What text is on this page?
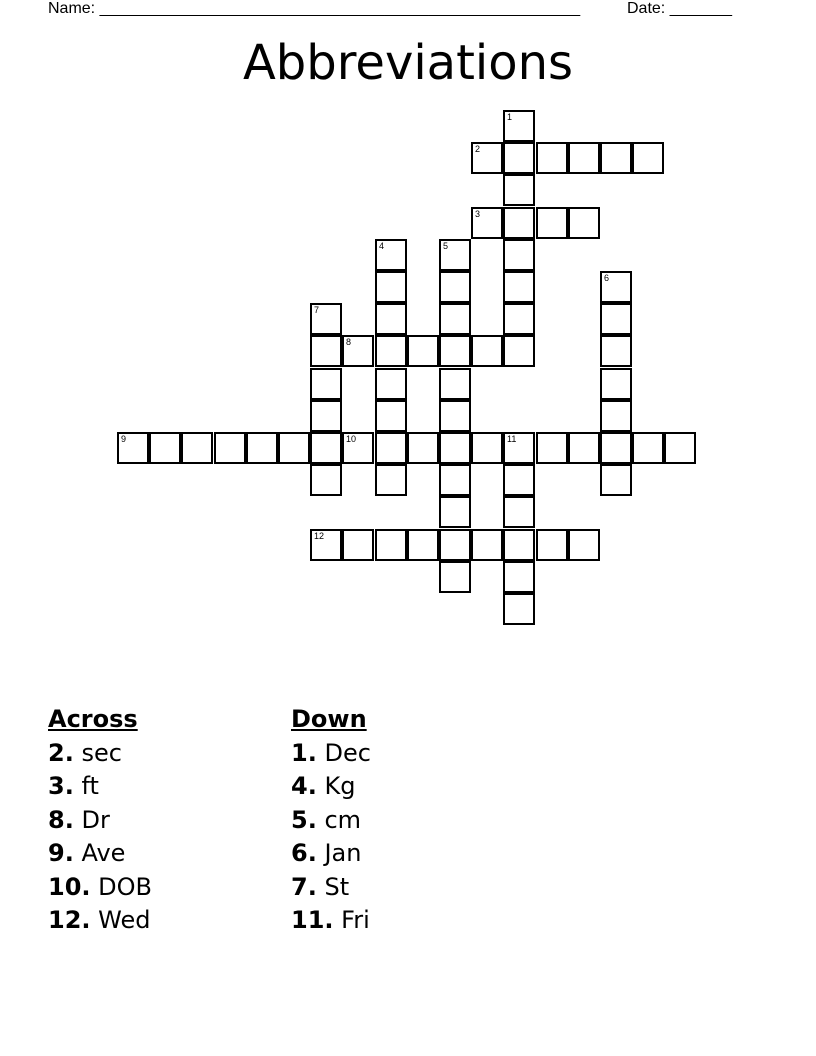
Name: ______________________________________________________	Date: _______
Abbreviations
1
2
3
4	5
6
7
8
9	10	11
12
Across
2. sec
3. ft
8. Dr
9. Ave
10. DOB
12. Wed
Down
1. Dec
4. Kg
5. cm
6. Jan
7. St
11. Fri
